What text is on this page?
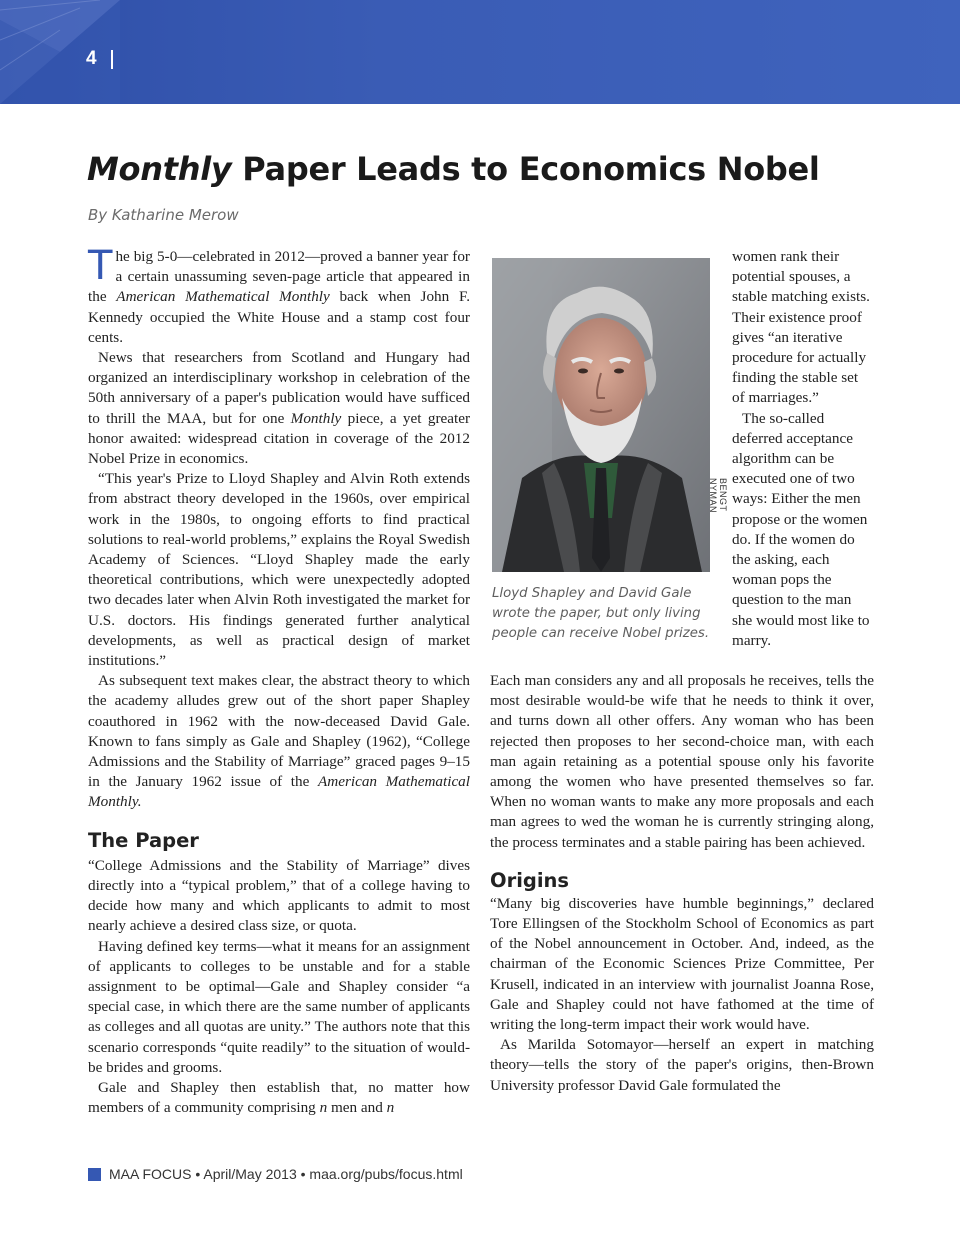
4
Monthly Paper Leads to Economics Nobel
By Katharine Merow

The big 5-0—celebrated in 2012—proved a banner year for a certain unassuming seven-page article that appeared in the American Mathematical Monthly back when John F. Kennedy occupied the White House and a stamp cost four cents.

News that researchers from Scotland and Hungary had organized an interdisciplinary workshop in celebration of the 50th anniversary of a paper's publication would have sufficed to thrill the MAA, but for one Monthly piece, a yet greater honor awaited: widespread citation in coverage of the 2012 Nobel Prize in economics.

“This year's Prize to Lloyd Shapley and Alvin Roth extends from abstract theory developed in the 1960s, over empirical work in the 1980s, to ongoing efforts to find practical solutions to real-world problems,” explains the Royal Swedish Academy of Sciences. “Lloyd Shapley made the early theoretical contributions, which were unexpectedly adopted two decades later when Alvin Roth investigated the market for U.S. doctors. His findings generated further analytical developments, as well as practical design of market institutions.”

As subsequent text makes clear, the abstract theory to which the academy alludes grew out of the short paper Shapley coauthored in 1962 with the now-deceased David Gale. Known to fans simply as Gale and Shapley (1962), “College Admissions and the Stability of Marriage” graced pages 9–15 in the January 1962 issue of the American Mathematical Monthly.

The Paper

“College Admissions and the Stability of Marriage” dives directly into a “typical problem,” that of a college having to decide how many and which applicants to admit to most nearly achieve a desired class size, or quota.

Having defined key terms—what it means for an assignment of applicants to colleges to be unstable and for a stable assignment to be optimal—Gale and Shapley consider “a special case, in which there are the same number of applicants as colleges and all quotas are unity.” The authors note that this scenario corresponds “quite readily” to the situation of would-be brides and grooms.

Gale and Shapley then establish that, no matter how members of a community comprising n men and n

BENGT NYMAN
Lloyd Shapley and David Gale wrote the paper, but only living people can receive Nobel prizes.

women rank their potential spouses, a stable matching exists. Their existence proof gives “an iterative procedure for actually finding the stable set of marriages.”

The so-called deferred acceptance algorithm can be executed one of two ways: Either the men propose or the women do. If the women do the asking, each woman pops the question to the man she would most like to marry.

Each man considers any and all proposals he receives, tells the most desirable would-be wife that he needs to think it over, and turns down all other offers. Any woman who has been rejected then proposes to her second-choice man, with each man again retaining as a potential spouse only his favorite among the women who have presented themselves so far. When no woman wants to make any more proposals and each man agrees to wed the woman he is currently stringing along, the process terminates and a stable pairing has been achieved.

Origins

“Many big discoveries have humble beginnings,” declared Tore Ellingsen of the Stockholm School of Economics as part of the Nobel announcement in October. And, indeed, as the chairman of the Economic Sciences Prize Committee, Per Krusell, indicated in an interview with journalist Joanna Rose, Gale and Shapley could not have fathomed at the time of writing the long-term impact their work would have.

As Marilda Sotomayor—herself an expert in matching theory—tells the story of the paper's origins, then-Brown University professor David Gale formulated the

MAA FOCUS • April/May 2013 • maa.org/pubs/focus.html
